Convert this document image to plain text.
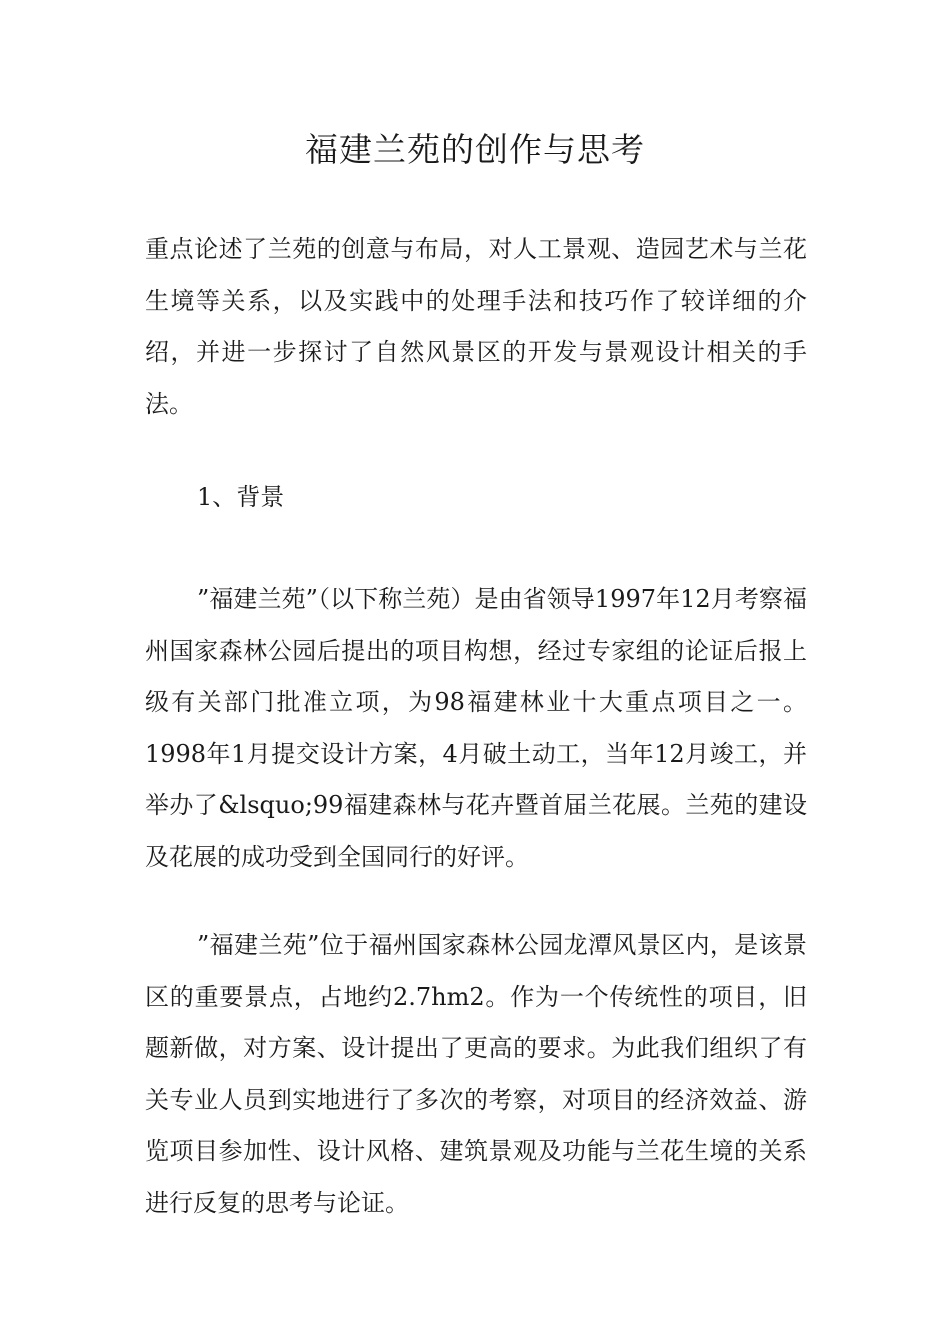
福建兰苑的创作与思考

重点论述了兰苑的创意与布局，对人工景观、造园艺术与兰花生境等关系，以及实践中的处理手法和技巧作了较详细的介绍，并进一步探讨了自然风景区的开发与景观设计相关的手法。

1、背景

”福建兰苑”（以下称兰苑）是由省领导1997年12月考察福州国家森林公园后提出的项目构想，经过专家组的论证后报上级有关部门批准立项，为98福建林业十大重点项目之一。1998年1月提交设计方案，4月破土动工，当年12月竣工，并举办了&lsquo;99福建森林与花卉暨首届兰花展。兰苑的建设及花展的成功受到全国同行的好评。

”福建兰苑”位于福州国家森林公园龙潭风景区内，是该景区的重要景点，占地约2.7hm2。作为一个传统性的项目，旧题新做，对方案、设计提出了更高的要求。为此我们组织了有关专业人员到实地进行了多次的考察，对项目的经济效益、游览项目参加性、设计风格、建筑景观及功能与兰花生境的关系进行反复的思考与论证。
